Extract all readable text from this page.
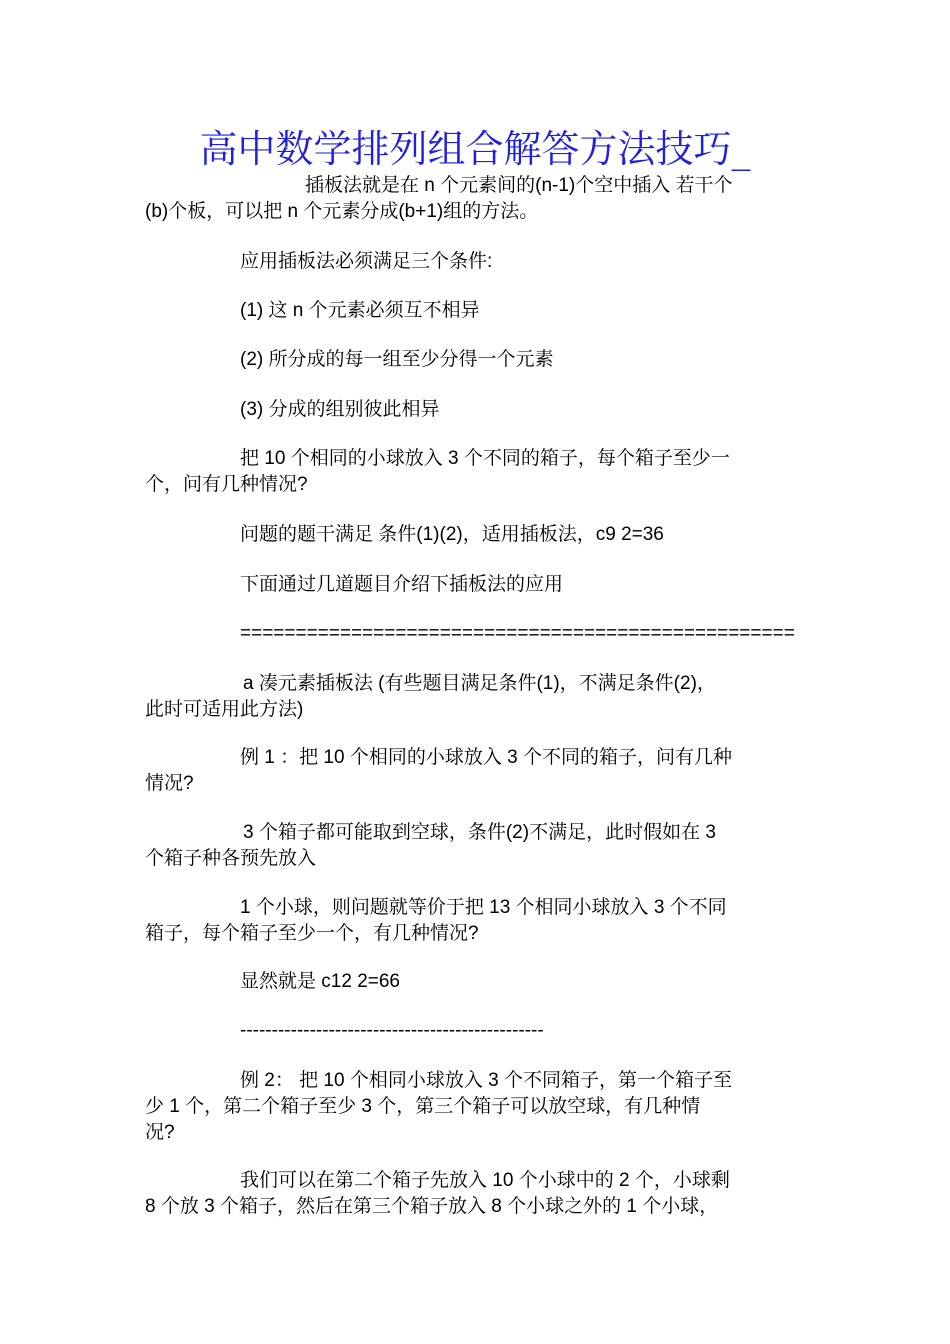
高中数学排列组合解答方法技巧_
插板法就是在 n 个元素间的(n-1)个空中插入 若干个
(b)个板，可以把 n 个元素分成(b+1)组的方法。
应用插板法必须满足三个条件:
(1) 这 n 个元素必须互不相异
(2) 所分成的每一组至少分得一个元素
(3) 分成的组别彼此相异
把 10 个相同的小球放入 3 个不同的箱子，每个箱子至少一
个，问有几种情况?
问题的题干满足 条件(1)(2)，适用插板法，c9 2=36
下面通过几道题目介绍下插板法的应用
==================================================
a 凑元素插板法 (有些题目满足条件(1)，不满足条件(2)，
此时可适用此方法)
例 1 ：把 10 个相同的小球放入 3 个不同的箱子，问有几种
情况?
3 个箱子都可能取到空球，条件(2)不满足，此时假如在 3
个箱子种各预先放入
1 个小球，则问题就等价于把 13 个相同小球放入 3 个不同
箱子，每个箱子至少一个，有几种情况?
显然就是 c12 2=66
------------------------------------------------
例 2： 把 10 个相同小球放入 3 个不同箱子，第一个箱子至
少 1 个，第二个箱子至少 3 个，第三个箱子可以放空球，有几种情
况?
我们可以在第二个箱子先放入 10 个小球中的 2 个，小球剩
8 个放 3 个箱子，然后在第三个箱子放入 8 个小球之外的 1 个小球，
